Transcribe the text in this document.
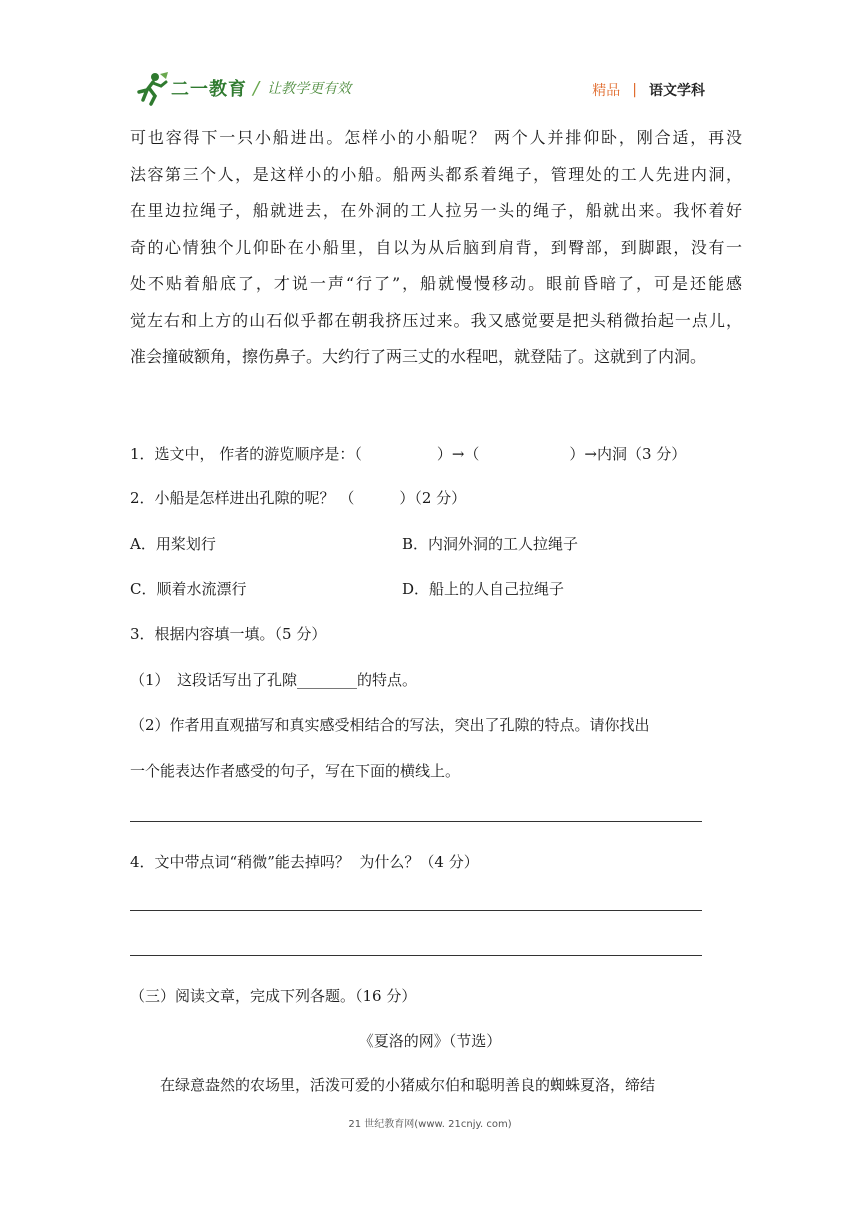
二一教育 / 让教学更有效	精品 | 语文学科

可也容得下一只小船进出。怎样小的小船呢？ 两个人并排仰卧，刚合适，再没

法容第三个人，是这样小的小船。船两头都系着绳子，管理处的工人先进内洞，

在里边拉绳子，船就进去，在外洞的工人拉另一头的绳子，船就出来。我怀着好

奇的心情独个儿仰卧在小船里，自以为从后脑到肩背，到臀部，到脚跟，没有一

处不贴着船底了，才说一声“行了”，船就慢慢移动。眼前昏暗了，可是还能感

觉左右和上方的山石似乎都在朝我挤压过来。我又感觉要是把头稍微抬起一点儿，

准会撞破额角，擦伤鼻子。大约行了两三丈的水程吧，就登陆了。这就到了内洞。

1．选文中， 作者的游览顺序是：（　　　　　）→（　　　　　　）→内洞（3 分）
2．小船是怎样进出孔隙的呢？ （　　　）（2 分）
A．用桨划行	B．内洞外洞的工人拉绳子
C．顺着水流漂行	D．船上的人自己拉绳子
3．根据内容填一填。（5 分）
（1）　这段话写出了孔隙________的特点。
（2）作者用直观描写和真实感受相结合的写法，突出了孔隙的特点。请你找出
一个能表达作者感受的句子，写在下面的横线上。
4．文中带点词“稍微”能去掉吗？  为什么？（4 分）
（三）阅读文章，完成下列各题。（16 分）
《夏洛的网》（节选）
　　在绿意盎然的农场里，活泼可爱的小猪威尔伯和聪明善良的蜘蛛夏洛，缔结
21 世纪教育网(www. 21cnjy. com)
